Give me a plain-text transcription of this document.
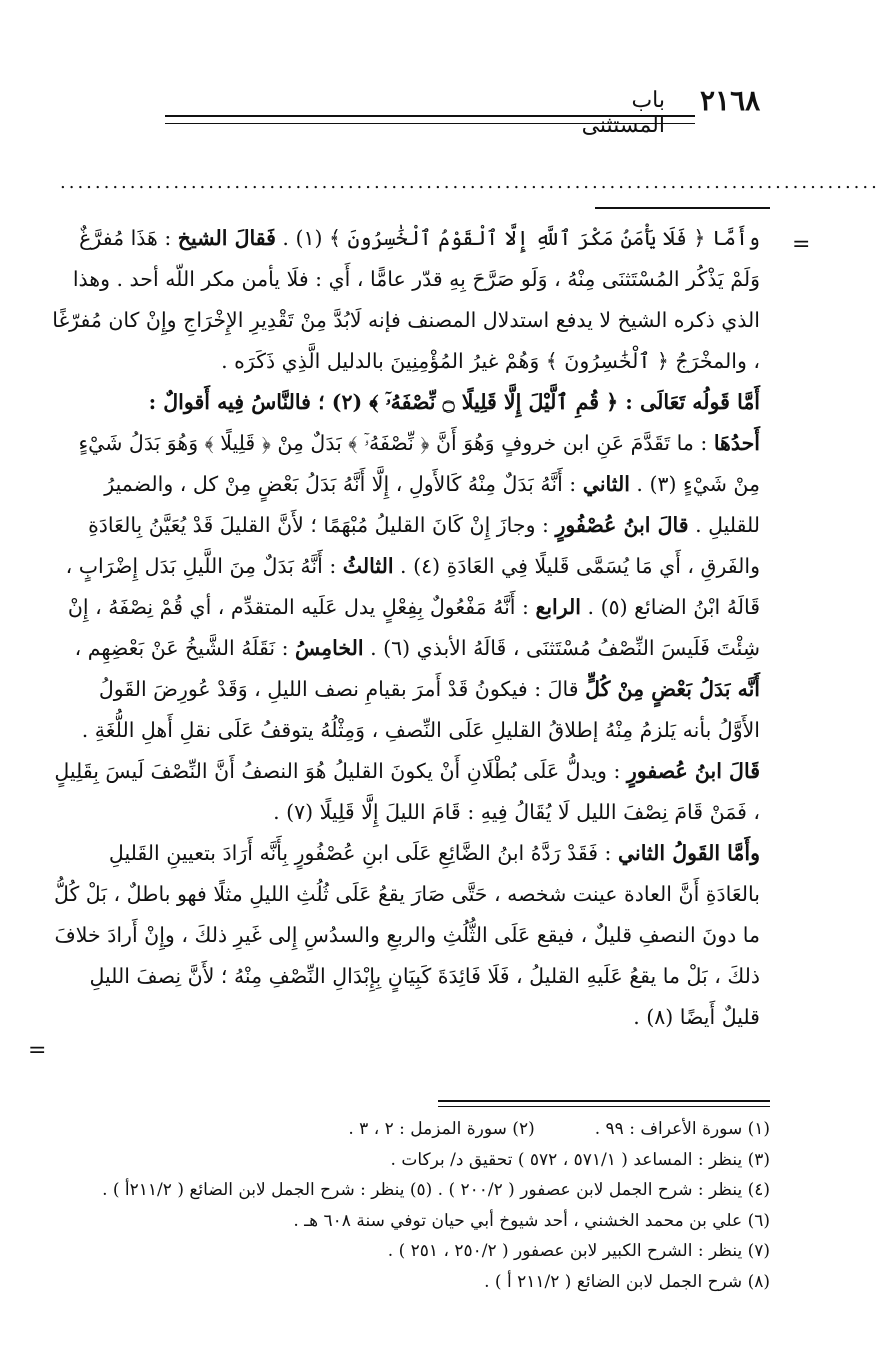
باب المستثنى
٢١٦٨
..............................................................................................
=
=

وأَمَّا ﴿ فَلَا يَأْمَنُ مَكْرَ ٱللَّهِ إِلَّا ٱلْقَوْمُ ٱلْخَٰسِرُونَ ﴾ (١) . فَقالَ الشيخ : هَذَا مُفرَّغٌ وَلَمْ يَذْكُر المُسْتَثنَى مِنْهُ ، وَلَو صَرَّحَ بِهِ قدّر عامًّا ، أَي : فلَا يأمن مكر اللّه أحد . وهذا الذي ذكره الشيخ لا يدفع استدلال المصنف فإنه لَابُدَّ مِنْ تَقْدِيرِ الإِخْرَاجِ وإِنْ كان مُفرّغًا ، والمخْرَجُ ﴿ ٱلْخَٰسِرُونَ ﴾ وَهُمْ غيرُ المُؤْمِنِينَ بالدليل الَّذِي ذَكَرَه .

أَمَّا قَولُه تَعَالَى : ﴿ قُمِ ٱلَّيْلَ إِلَّا قَلِيلًا ۝ نِّصْفَهُۥٓ ﴾ (٢) ؛ فالنَّاسُ فِيه أَقوالٌ :

أَحدُهَا : ما تَقَدَّمَ عَنِ ابن خروفٍ وَهُوَ أَنَّ ﴿ نِّصْفَهُۥٓ ﴾ بَدَلٌ مِنْ ﴿ قَلِيلًا ﴾ وَهُوَ بَدَلُ شَيْءٍ مِنْ شَيْءٍ (٣) . الثاني : أَنَّهُ بَدَلٌ مِنْهُ كَالأَولِ ، إِلَّا أَنَّهُ بَدَلُ بَعْضٍ مِنْ كل ، والضميرُ للقليلِ . قالَ ابنُ عُصْفُورٍ : وجازَ إِنْ كَانَ القليلُ مُبْهَمًا ؛ لأَنَّ القليلَ قَدْ يُعَيَّنُ بِالعَادَةِ والفَرقِ ، أَي مَا يُسَمَّى قَليلًا فِي العَادَةِ (٤) . الثالثُ : أَنَّهُ بَدَلٌ مِنَ اللَّيلِ بَدَل إِضْرَابٍ ، قَالَهُ ابْنُ الضائع (٥) . الرابع : أَنَّهُ مَفْعُولٌ بِفِعْلٍ يدل عَلَيه المتقدِّم ، أي قُمْ نِصْفَهُ ، إِنْ شِئْتَ فَلَيسَ النِّصْفُ مُسْتَثنَى ، قَالَهُ الأبذي (٦) . الخامِسُ : نَقَلَهُ الشَّيخُ عَنْ بَعْضِهِم ، أَنَّه بَدَلُ بَعْضٍ مِنْ كُلٍّ قالَ : فيكونُ قَدْ أَمرَ بقيامِ نصف الليلِ ، وَقَدْ عُورِضَ القَولُ الأَوَّلُ بأنه يَلزمُ مِنْهُ إطلاقُ القليلِ عَلَى النِّصفِ ، وَمِثْلُهُ يتوقفُ عَلَى نقلِ أَهلِ اللُّغَةِ . قَالَ ابنُ عُصفورٍ : ويدلُّ عَلَى بُطْلَانِ أَنْ يكونَ القليلُ هُوَ النصفُ أَنَّ النِّصْفَ لَيسَ بِقَلِيلٍ ، فَمَنْ قَامَ نِصْفَ الليل لَا يُقَالُ فِيهِ : قَامَ الليلَ إِلَّا قَلِيلًا (٧) .

وأَمَّا القَولُ الثاني : فَقَدْ رَدَّهُ ابنُ الضَّائِعِ عَلَى ابنِ عُصْفُورٍ بِأَنَّه أَرَادَ بتعيينِ القَليلِ بالعَادَةِ أَنَّ العادة عينت شخصه ، حَتَّى صَارَ يقعُ عَلَى ثُلُثِ الليلِ مثلًا فهو باطلٌ ، بَلْ كُلُّ ما دونَ النصفِ قليلٌ ، فيقع عَلَى الثُّلُثِ والربعِ والسدُسِ إِلى غَيرِ ذلكَ ، وإِنْ أَرادَ خلافَ ذلكَ ، بَلْ ما يقعُ عَلَيهِ القليلُ ، فَلَا فَائِدَةَ كَبِيَانٍ بِإِبْدَالِ النِّصْفِ مِنْهُ ؛ لأَنَّ نِصفَ الليلِ قليلٌ أَيضًا (٨) .

(١) سورة الأعراف : ٩٩ .
(٢) سورة المزمل : ٢ ، ٣ .
(٣) ينظر : المساعد ( ٥٧١/١ ، ٥٧٢ ) تحقيق د/ بركات .
(٤) ينظر : شرح الجمل لابن عصفور ( ٢٠٠/٢ ) . (٥) ينظر : شرح الجمل لابن الضائع ( ٢١١/٢أ ) .
(٦) علي بن محمد الخشني ، أحد شيوخ أبي حيان توفي سنة ٦٠٨ هـ .
(٧) ينظر : الشرح الكبير لابن عصفور ( ٢٥٠/٢ ، ٢٥١ ) .
(٨) شرح الجمل لابن الضائع ( ٢١١/٢ أ ) .
